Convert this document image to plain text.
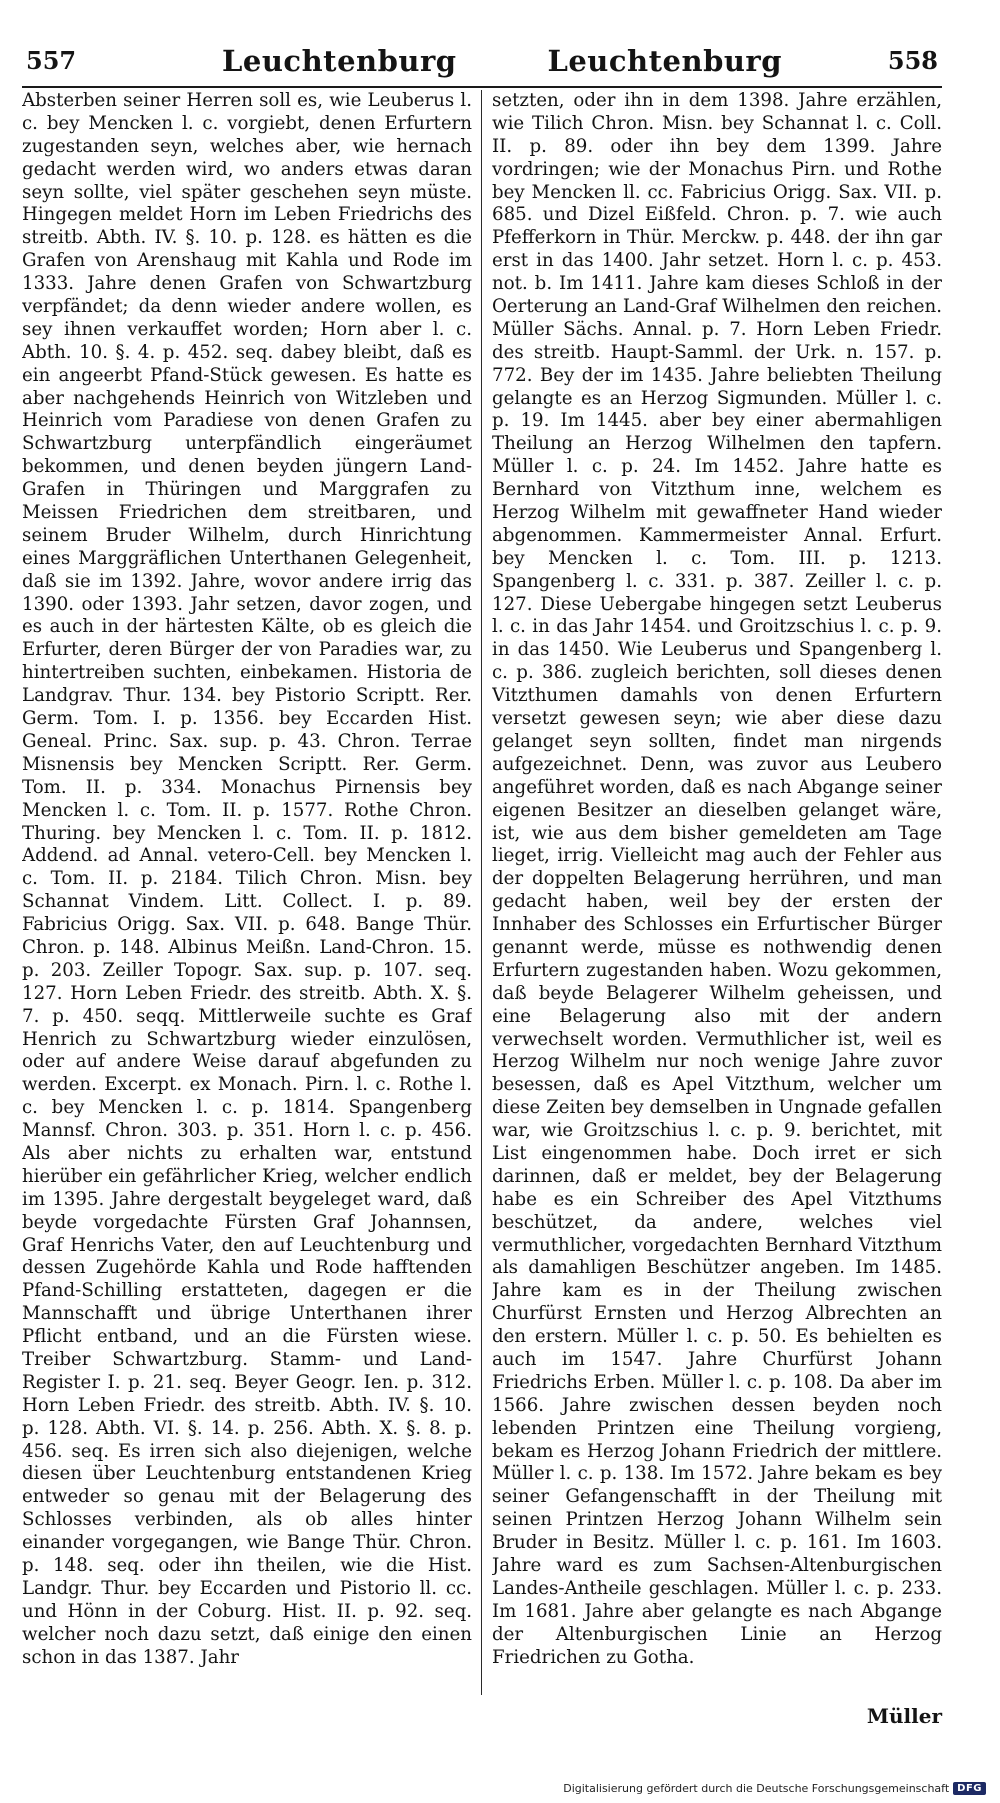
557	Leuchtenburg	Leuchtenburg	558

Absterben seiner Herren soll es, wie Leuberus l. c. bey Mencken l. c. vorgiebt, denen Erfurtern zugestanden seyn, welches aber, wie hernach gedacht werden wird, wo anders etwas daran seyn sollte, viel später geschehen seyn müste. Hingegen meldet Horn im Leben Friedrichs des streitb. Abth. IV. §. 10. p. 128. es hätten es die Grafen von Arenshaug mit Kahla und Rode im 1333. Jahre denen Grafen von Schwartzburg verpfändet; da denn wieder andere wollen, es sey ihnen verkauffet worden; Horn aber l. c. Abth. 10. §. 4. p. 452. seq. dabey bleibt, daß es ein angeerbt Pfand-Stück gewesen. Es hatte es aber nachgehends Heinrich von Witzleben und Heinrich vom Paradiese von denen Grafen zu Schwartzburg unterpfändlich eingeräumet bekommen, und denen beyden jüngern Land-Grafen in Thüringen und Marggrafen zu Meissen Friedrichen dem streitbaren, und seinem Bruder Wilhelm, durch Hinrichtung eines Marggräflichen Unterthanen Gelegenheit, daß sie im 1392. Jahre, wovor andere irrig das 1390. oder 1393. Jahr setzen, davor zogen, und es auch in der härtesten Kälte, ob es gleich die Erfurter, deren Bürger der von Paradies war, zu hintertreiben suchten, einbekamen. Historia de Landgrav. Thur. 134. bey Pistorio Scriptt. Rer. Germ. Tom. I. p. 1356. bey Eccarden Hist. Geneal. Princ. Sax. sup. p. 43. Chron. Terrae Misnensis bey Mencken Scriptt. Rer. Germ. Tom. II. p. 334. Monachus Pirnensis bey Mencken l. c. Tom. II. p. 1577. Rothe Chron. Thuring. bey Mencken l. c. Tom. II. p. 1812. Addend. ad Annal. vetero-Cell. bey Mencken l. c. Tom. II. p. 2184. Tilich Chron. Misn. bey Schannat Vindem. Litt. Collect. I. p. 89. Fabricius Origg. Sax. VII. p. 648. Bange Thür. Chron. p. 148. Albinus Meißn. Land-Chron. 15. p. 203. Zeiller Topogr. Sax. sup. p. 107. seq. 127. Horn Leben Friedr. des streitb. Abth. X. §. 7. p. 450. seqq. Mittlerweile suchte es Graf Henrich zu Schwartzburg wieder einzulösen, oder auf andere Weise darauf abgefunden zu werden. Excerpt. ex Monach. Pirn. l. c. Rothe l. c. bey Mencken l. c. p. 1814. Spangenberg Mannsf. Chron. 303. p. 351. Horn l. c. p. 456. Als aber nichts zu erhalten war, entstund hierüber ein gefährlicher Krieg, welcher endlich im 1395. Jahre dergestalt beygeleget ward, daß beyde vorgedachte Fürsten Graf Johannsen, Graf Henrichs Vater, den auf Leuchtenburg und dessen Zugehörde Kahla und Rode hafftenden Pfand-Schilling erstatteten, dagegen er die Mannschafft und übrige Unterthanen ihrer Pflicht entband, und an die Fürsten wiese. Treiber Schwartzburg. Stamm- und Land-Register I. p. 21. seq. Beyer Geogr. Ien. p. 312. Horn Leben Friedr. des streitb. Abth. IV. §. 10. p. 128. Abth. VI. §. 14. p. 256. Abth. X. §. 8. p. 456. seq. Es irren sich also diejenigen, welche diesen über Leuchtenburg entstandenen Krieg entweder so genau mit der Belagerung des Schlosses verbinden, als ob alles hinter einander vorgegangen, wie Bange Thür. Chron. p. 148. seq. oder ihn theilen, wie die Hist. Landgr. Thur. bey Eccarden und Pistorio ll. cc. und Hönn in der Coburg. Hist. II. p. 92. seq. welcher noch dazu setzt, daß einige den einen schon in das 1387. Jahr

setzten, oder ihn in dem 1398. Jahre erzählen, wie Tilich Chron. Misn. bey Schannat l. c. Coll. II. p. 89. oder ihn bey dem 1399. Jahre vordringen; wie der Monachus Pirn. und Rothe bey Mencken ll. cc. Fabricius Origg. Sax. VII. p. 685. und Dizel Eißfeld. Chron. p. 7. wie auch Pfefferkorn in Thür. Merckw. p. 448. der ihn gar erst in das 1400. Jahr setzet. Horn l. c. p. 453. not. b. Im 1411. Jahre kam dieses Schloß in der Oerterung an Land-Graf Wilhelmen den reichen. Müller Sächs. Annal. p. 7. Horn Leben Friedr. des streitb. Haupt-Samml. der Urk. n. 157. p. 772. Bey der im 1435. Jahre beliebten Theilung gelangte es an Herzog Sigmunden. Müller l. c. p. 19. Im 1445. aber bey einer abermahligen Theilung an Herzog Wilhelmen den tapfern. Müller l. c. p. 24. Im 1452. Jahre hatte es Bernhard von Vitzthum inne, welchem es Herzog Wilhelm mit gewaffneter Hand wieder abgenommen. Kammermeister Annal. Erfurt. bey Mencken l. c. Tom. III. p. 1213. Spangenberg l. c. 331. p. 387. Zeiller l. c. p. 127. Diese Uebergabe hingegen setzt Leuberus l. c. in das Jahr 1454. und Groitzschius l. c. p. 9. in das 1450. Wie Leuberus und Spangenberg l. c. p. 386. zugleich berichten, soll dieses denen Vitzthumen damahls von denen Erfurtern versetzt gewesen seyn; wie aber diese dazu gelanget seyn sollten, findet man nirgends aufgezeichnet. Denn, was zuvor aus Leubero angeführet worden, daß es nach Abgange seiner eigenen Besitzer an dieselben gelanget wäre, ist, wie aus dem bisher gemeldeten am Tage lieget, irrig. Vielleicht mag auch der Fehler aus der doppelten Belagerung herrühren, und man gedacht haben, weil bey der ersten der Innhaber des Schlosses ein Erfurtischer Bürger genannt werde, müsse es nothwendig denen Erfurtern zugestanden haben. Wozu gekommen, daß beyde Belagerer Wilhelm geheissen, und eine Belagerung also mit der andern verwechselt worden. Vermuthlicher ist, weil es Herzog Wilhelm nur noch wenige Jahre zuvor besessen, daß es Apel Vitzthum, welcher um diese Zeiten bey demselben in Ungnade gefallen war, wie Groitzschius l. c. p. 9. berichtet, mit List eingenommen habe. Doch irret er sich darinnen, daß er meldet, bey der Belagerung habe es ein Schreiber des Apel Vitzthums beschützet, da andere, welches viel vermuthlicher, vorgedachten Bernhard Vitzthum als damahligen Beschützer angeben. Im 1485. Jahre kam es in der Theilung zwischen Churfürst Ernsten und Herzog Albrechten an den erstern. Müller l. c. p. 50. Es behielten es auch im 1547. Jahre Churfürst Johann Friedrichs Erben. Müller l. c. p. 108. Da aber im 1566. Jahre zwischen dessen beyden noch lebenden Printzen eine Theilung vorgieng, bekam es Herzog Johann Friedrich der mittlere. Müller l. c. p. 138. Im 1572. Jahre bekam es bey seiner Gefangenschafft in der Theilung mit seinen Printzen Herzog Johann Wilhelm sein Bruder in Besitz. Müller l. c. p. 161. Im 1603. Jahre ward es zum Sachsen-Altenburgischen Landes-Antheile geschlagen. Müller l. c. p. 233. Im 1681. Jahre aber gelangte es nach Abgange der Altenburgischen Linie an Herzog Friedrichen zu Gotha.

Müller
Digitalisierung gefördert durch die Deutsche Forschungsgemeinschaft DFG
